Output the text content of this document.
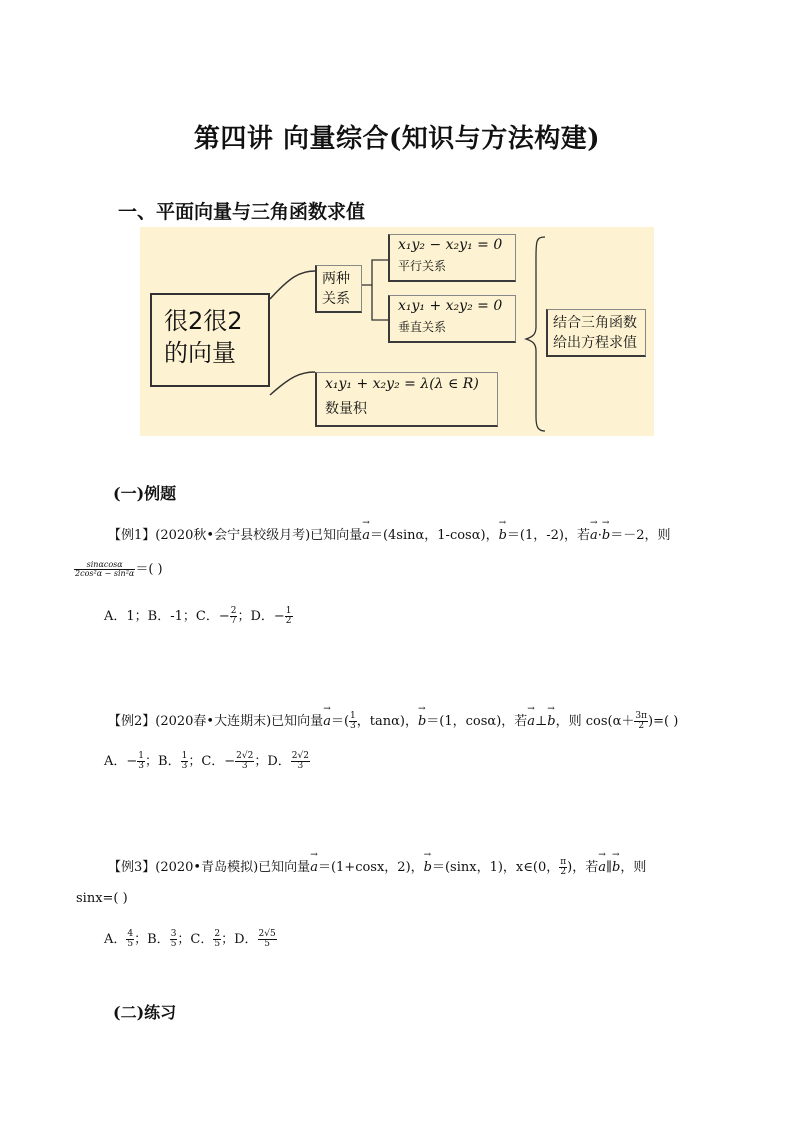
第四讲 向量综合(知识与方法构建)
一、平面向量与三角函数求值
很2很2
的向量
两种
关系
x₁y₂ − x₂y₁ = 0
平行关系
x₁y₁ + x₂y₂ = 0
垂直关系
x₁y₁ + x₂y₂ = λ(λ ∈ R)
数量积
结合三角函数
给出方程求值
(一)例题
【例1】(2020秋•会宁县校级月考)已知向量→ a＝(4sinα，1-cosα)，→ b＝(1，-2)，若→ a·→ b＝－2，则
$\frac{\sin\alpha\cos\alpha}{\text{2cos²α − sin²α}}$ ＝( )
A．1；B．-1；C．− $\frac{2}{7}$ ；D．− $\frac{1}{2}$
【例2】(2020春•大连期末)已知向量→ $a=( \frac{1}{3}$ ，tanα)，→ b＝(1，cosα)，若→ a⊥→ b，则 $\cos(\alpha+ \frac{3\pi}{2}$ )=( )
A．− $\frac{1}{3}$ ；B． $\frac{1}{3}$ ；C．− $\frac{2√2}{3}$ ；D． $\frac{2√2}{3}$
【例3】(2020•青岛模拟)已知向量→ a＝(1+cosx，2)，→ b＝(sinx，1)，x∈(0， $\frac{\pi}{2}$ )，若→ a∥→ b，则
sinx=( )
A． $\frac{4}{5}$ ；B． $\frac{3}{5}$ ；C． $\frac{2}{5}$ ；D． $\frac{2√5}{5}$
(二)练习
